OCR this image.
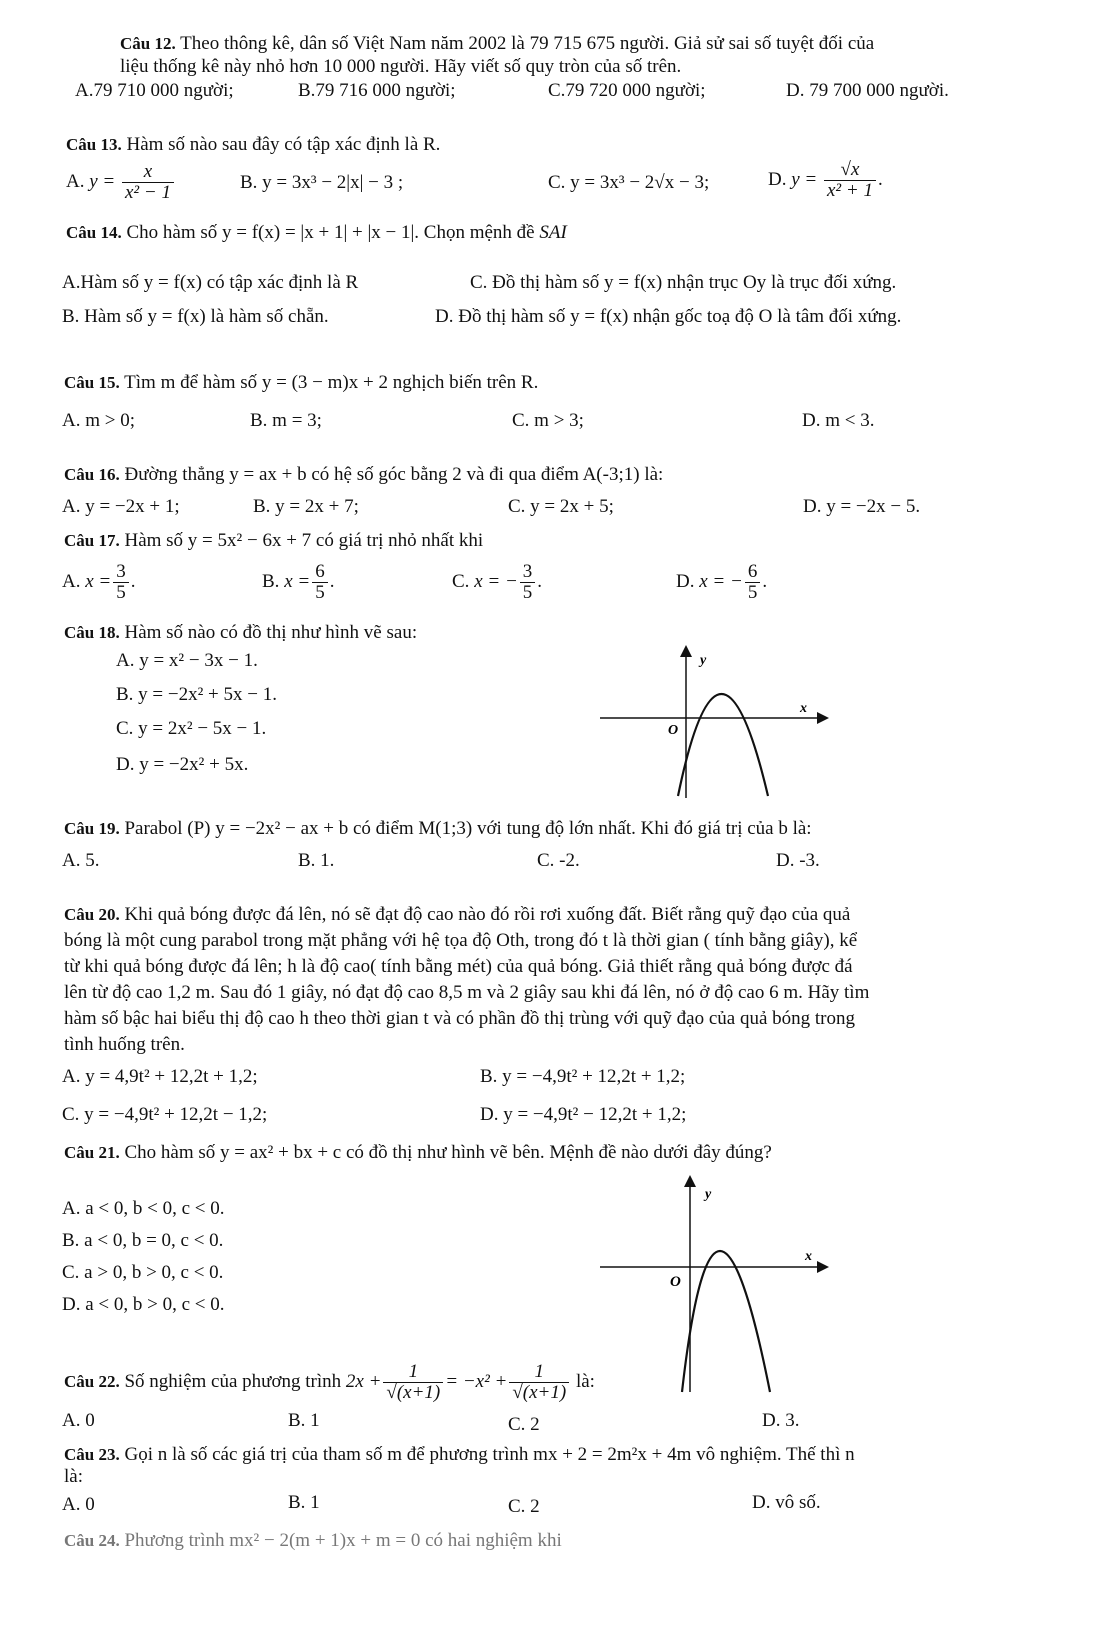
Câu 12. Theo thông kê, dân số Việt Nam năm 2002 là 79 715 675 người. Giả sử sai số tuyệt đối của
liệu thống kê này nhỏ hơn 10 000 người. Hãy viết số quy tròn của số trên.
A.79 710 000 người;	B.79 716 000 người;	C.79 720 000 người;	D. 79 700 000 người.
Câu 13. Hàm số nào sau đây có tập xác định là R.
A. $y = \frac{x}{\text{x² − 1}}$	B. y = 3x³ − 2|x| − 3 ;	C. y = 3x³ − 2√x − 3;	D. $y = \frac{√x}{\text{x² + 1}}$ .
Câu 14. Cho hàm số y = f(x) = |x + 1| + |x − 1|. Chọn mệnh đề SAI
A.Hàm số y = f(x) có tập xác định là R	C. Đồ thị hàm số y = f(x) nhận trục Oy là trục đối xứng.
B. Hàm số y = f(x) là hàm số chẵn.	D. Đồ thị hàm số y = f(x) nhận gốc toạ độ O là tâm đối xứng.
Câu 15. Tìm m để hàm số y = (3 − m)x + 2 nghịch biến trên R.
A. m > 0;	B. m = 3;	C. m > 3;	D. m < 3.
Câu 16. Đường thẳng y = ax + b có hệ số góc bằng 2 và đi qua điểm A(-3;1) là:
A. y = −2x + 1;	B. y = 2x + 7;	C. y = 2x + 5;	D. y = −2x − 5.
Câu 17. Hàm số y = 5x² − 6x + 7 có giá trị nhỏ nhất khi
A. $x = \frac{3}{5}$ .	B. $x = \frac{6}{5}$ .	C. x = − $\frac{3}{5}$ .	D. x = − $\frac{6}{5}$ .
Câu 18. Hàm số nào có đồ thị như hình vẽ sau:
A. y = x² − 3x − 1.
B. y = −2x² + 5x − 1.
C. y = 2x² − 5x − 1.
D. y = −2x² + 5x.
y
x
O
Câu 19. Parabol (P) y = −2x² − ax + b có điểm M(1;3) với tung độ lớn nhất. Khi đó giá trị của b là:
A. 5.	B. 1.	C. -2.	D. -3.
Câu 20. Khi quả bóng được đá lên, nó sẽ đạt độ cao nào đó rồi rơi xuống đất. Biết rằng quỹ đạo của quả
bóng là một cung parabol trong mặt phẳng với hệ tọa độ Oth, trong đó t là thời gian ( tính bằng giây), kể
từ khi quả bóng được đá lên; h là độ cao( tính bằng mét) của quả bóng. Giả thiết rằng quả bóng được đá
lên từ độ cao 1,2 m. Sau đó 1 giây, nó đạt độ cao 8,5 m và 2 giây sau khi đá lên, nó ở độ cao 6 m. Hãy tìm
hàm số bậc hai biểu thị độ cao h theo thời gian t và có phần đồ thị trùng với quỹ đạo của quả bóng trong
tình huống trên.
A. y = 4,9t² + 12,2t + 1,2;	B. y = −4,9t² + 12,2t + 1,2;
C. y = −4,9t² + 12,2t − 1,2;	D. y = −4,9t² − 12,2t + 1,2;
Câu 21. Cho hàm số y = ax² + bx + c có đồ thị như hình vẽ bên. Mệnh đề nào dưới đây đúng?
A. a < 0, b < 0, c < 0.
B. a < 0, b = 0, c < 0.
C. a > 0, b > 0, c < 0.
D. a < 0, b > 0, c < 0.
y
x
O
Câu 22. Số nghiệm của phương trình $2x + \frac{1}{√(x+1)} = -x^2 + \frac{1}{√(x+1)}$ là:
A. 0	B. 1	C. 2	D. 3.
Câu 23. Gọi n là số các giá trị của tham số m để phương trình mx + 2 = 2m²x + 4m vô nghiệm. Thế thì n
là:
A. 0	B. 1	C. 2	D. vô số.
Câu 24. Phương trình mx² − 2(m + 1)x + m = 0 có hai nghiệm khi
